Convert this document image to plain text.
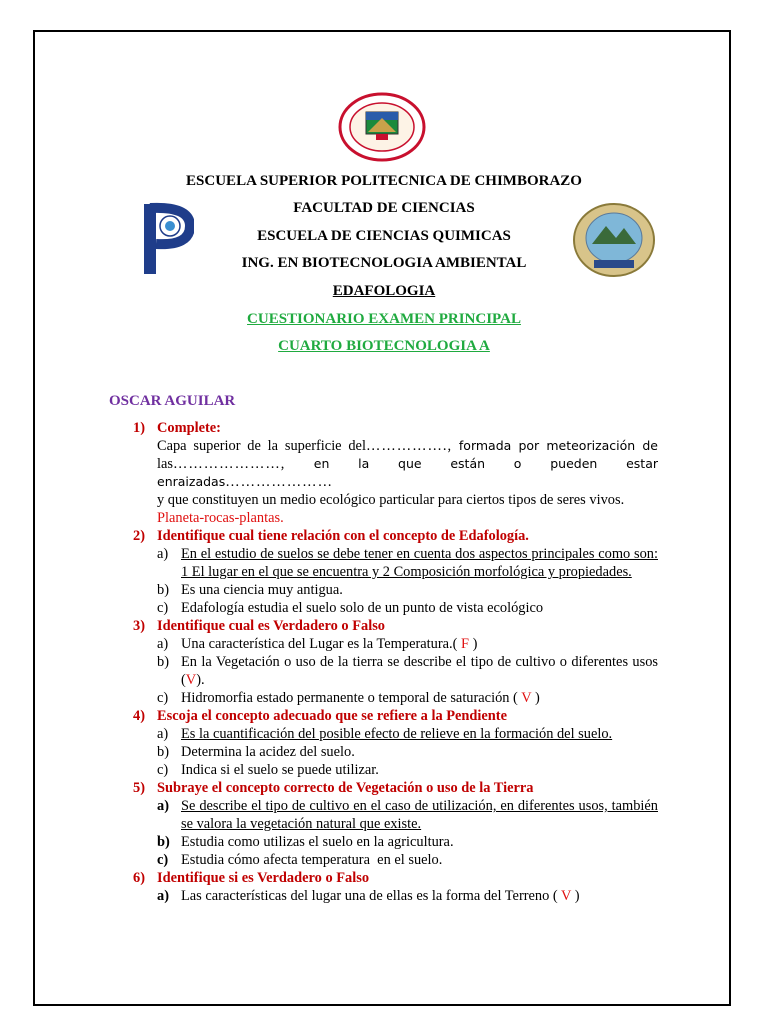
ESCUELA SUPERIOR POLITECNICA DE CHIMBORAZO
FACULTAD DE CIENCIAS
ESCUELA DE CIENCIAS QUIMICAS
ING. EN BIOTECNOLOGIA AMBIENTAL
EDAFOLOGIA
CUESTIONARIO EXAMEN PRINCIPAL
CUARTO BIOTECNOLOGIA A
OSCAR AGUILAR
1) Complete:
Capa superior de la superficie del……………., formada por meteorización de
las…………………, en la que están o pueden estar enraizadas…………………
y que constituyen un medio ecológico particular para ciertos tipos de seres vivos.
Planeta-rocas-plantas.
2) Identifique cual tiene relación con el concepto de Edafología.
a) En el estudio de suelos se debe tener en cuenta dos aspectos principales como son: 1 El lugar en el que se encuentra y 2 Composición morfológica y propiedades.
b) Es una ciencia muy antigua.
c) Edafología estudia el suelo solo de un punto de vista ecológico
3) Identifique cual es Verdadero o Falso
a) Una característica del Lugar es la Temperatura.( F )
b) En la Vegetación o uso de la tierra se describe el tipo de cultivo o diferentes usos (V).
c) Hidromorfia estado permanente o temporal de saturación ( V )
4) Escoja el concepto adecuado que se refiere a la Pendiente
a) Es la cuantificación del posible efecto de relieve en la formación del suelo.
b) Determina la acidez del suelo.
c) Indica si el suelo se puede utilizar.
5) Subraye el concepto correcto de Vegetación o uso de la Tierra
a) Se describe el tipo de cultivo en el caso de utilización, en diferentes usos, también se valora la vegetación natural que existe.
b) Estudia como utilizas el suelo en la agricultura.
c) Estudia cómo afecta temperatura  en el suelo.
6) Identifique si es Verdadero o Falso
a) Las características del lugar una de ellas es la forma del Terreno ( V )
